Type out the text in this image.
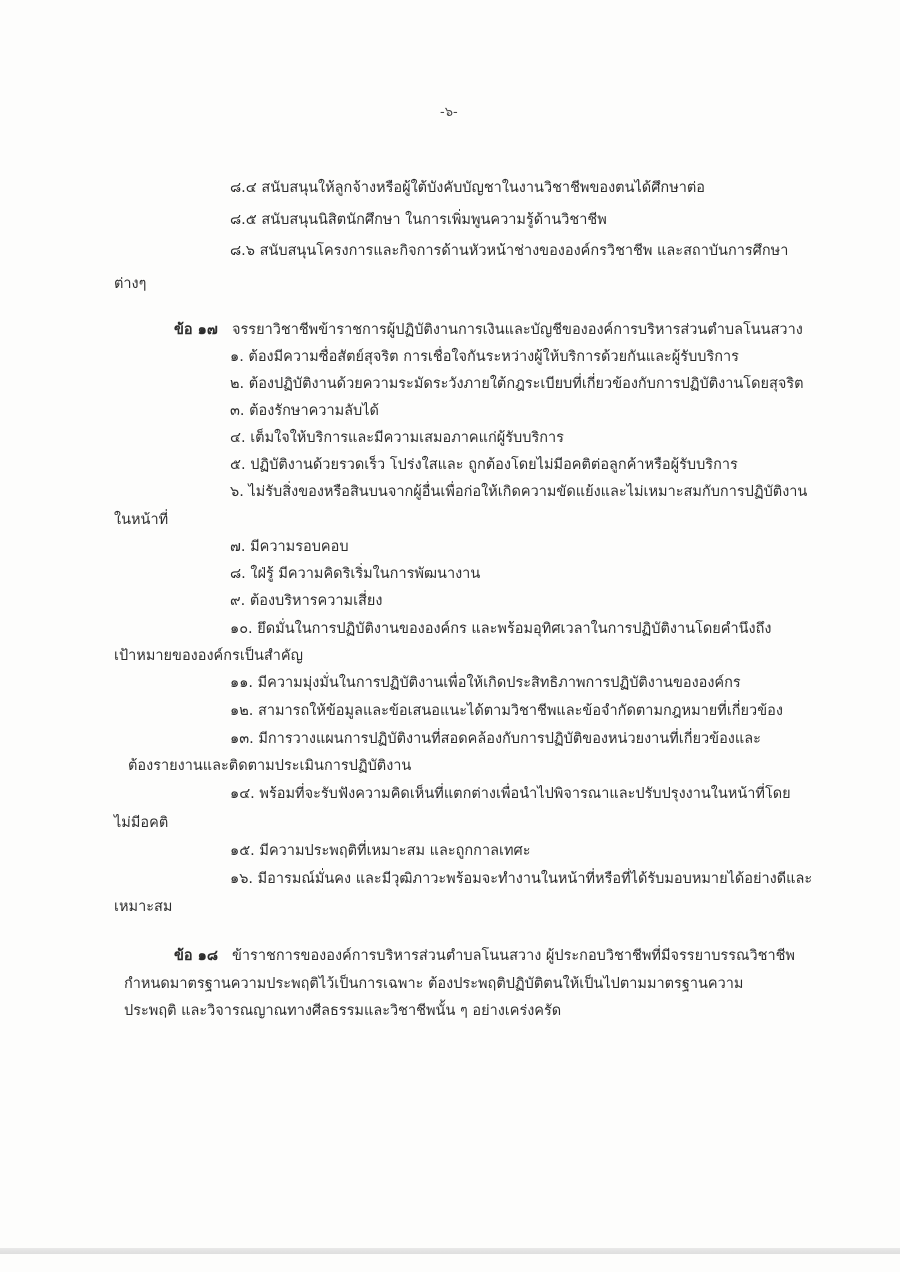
-๖-
๘.๔ สนับสนุนให้ลูกจ้างหรือผู้ใต้บังคับบัญชาในงานวิชาชีพของตนได้ศึกษาต่อ
๘.๕ สนับสนุนนิสิตนักศึกษา ในการเพิ่มพูนความรู้ด้านวิชาชีพ
๘.๖ สนับสนุนโครงการและกิจการด้านหัวหน้าช่างขององค์กรวิชาชีพ และสถาบันการศึกษา
ต่างๆ
ข้อ ๑๗ จรรยาวิชาชีพข้าราชการผู้ปฏิบัติงานการเงินและบัญชีขององค์การบริหารส่วนตำบลโนนสวาง
๑. ต้องมีความซื่อสัตย์สุจริต การเชื่อใจกันระหว่างผู้ให้บริการด้วยกันและผู้รับบริการ
๒. ต้องปฏิบัติงานด้วยความระมัดระวังภายใต้กฎระเบียบที่เกี่ยวข้องกับการปฏิบัติงานโดยสุจริต
๓. ต้องรักษาความลับได้
๔. เต็มใจให้บริการและมีความเสมอภาคแก่ผู้รับบริการ
๕. ปฏิบัติงานด้วยรวดเร็ว โปร่งใสและ ถูกต้องโดยไม่มีอคติต่อลูกค้าหรือผู้รับบริการ
๖. ไม่รับสิ่งของหรือสินบนจากผู้อื่นเพื่อก่อให้เกิดความขัดแย้งและไม่เหมาะสมกับการปฏิบัติงาน
ในหน้าที่
๗. มีความรอบคอบ
๘. ใฝ่รู้ มีความคิดริเริ่มในการพัฒนางาน
๙. ต้องบริหารความเสี่ยง
๑๐. ยึดมั่นในการปฏิบัติงานขององค์กร และพร้อมอุทิศเวลาในการปฏิบัติงานโดยคำนึงถึง
เป้าหมายขององค์กรเป็นสำคัญ
๑๑. มีความมุ่งมั่นในการปฏิบัติงานเพื่อให้เกิดประสิทธิภาพการปฏิบัติงานขององค์กร
๑๒. สามารถให้ข้อมูลและข้อเสนอแนะได้ตามวิชาชีพและข้อจำกัดตามกฎหมายที่เกี่ยวข้อง
๑๓. มีการวางแผนการปฏิบัติงานที่สอดคล้องกับการปฏิบัติของหน่วยงานที่เกี่ยวข้องและ
ต้องรายงานและติดตามประเมินการปฏิบัติงาน
๑๔. พร้อมที่จะรับฟังความคิดเห็นที่แตกต่างเพื่อนำไปพิจารณาและปรับปรุงงานในหน้าที่โดย
ไม่มีอคติ
๑๕. มีความประพฤติที่เหมาะสม และถูกกาลเทศะ
๑๖. มีอารมณ์มั่นคง และมีวุฒิภาวะพร้อมจะทำงานในหน้าที่หรือที่ได้รับมอบหมายได้อย่างดีและ
เหมาะสม
ข้อ ๑๘ ข้าราชการขององค์การบริหารส่วนตำบลโนนสวาง ผู้ประกอบวิชาชีพที่มีจรรยาบรรณวิชาชีพ
กำหนดมาตรฐานความประพฤติไว้เป็นการเฉพาะ ต้องประพฤติปฏิบัติตนให้เป็นไปตามมาตรฐานความ
ประพฤติ และวิจารณญาณทางศีลธรรมและวิชาชีพนั้น ๆ อย่างเคร่งครัด
